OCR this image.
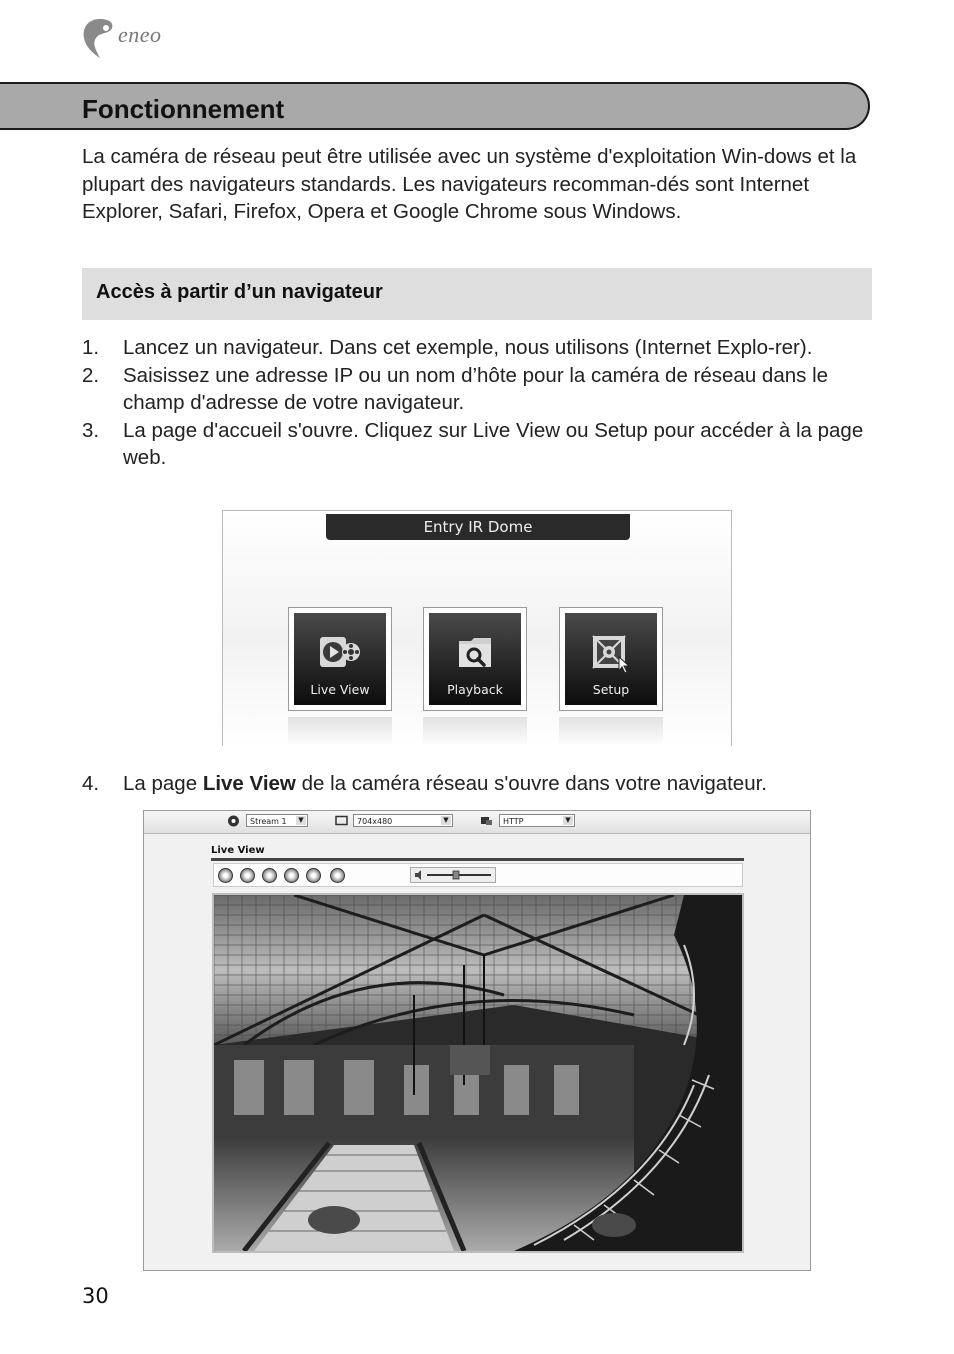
eneo
Fonctionnement
La caméra de réseau peut être utilisée avec un système d'exploitation Win-dows et la plupart des navigateurs standards. Les navigateurs recomman-dés sont Internet Explorer, Safari, Firefox, Opera et Google Chrome sous Windows.
Accès à partir d’un navigateur
1. Lancez un navigateur. Dans cet exemple, nous utilisons (Internet Explo-rer).
2. Saisissez une adresse IP ou un nom d’hôte pour la caméra de réseau dans le champ d'adresse de votre navigateur.
3. La page d'accueil s'ouvre. Cliquez sur Live View ou Setup pour accéder à la page web.
Entry IR Dome
Live View	Playback	Setup
4. La page Live View de la caméra réseau s'ouvre dans votre navigateur.
Stream 1	▼	704x480	▼	HTTP	▼
Live View
30
